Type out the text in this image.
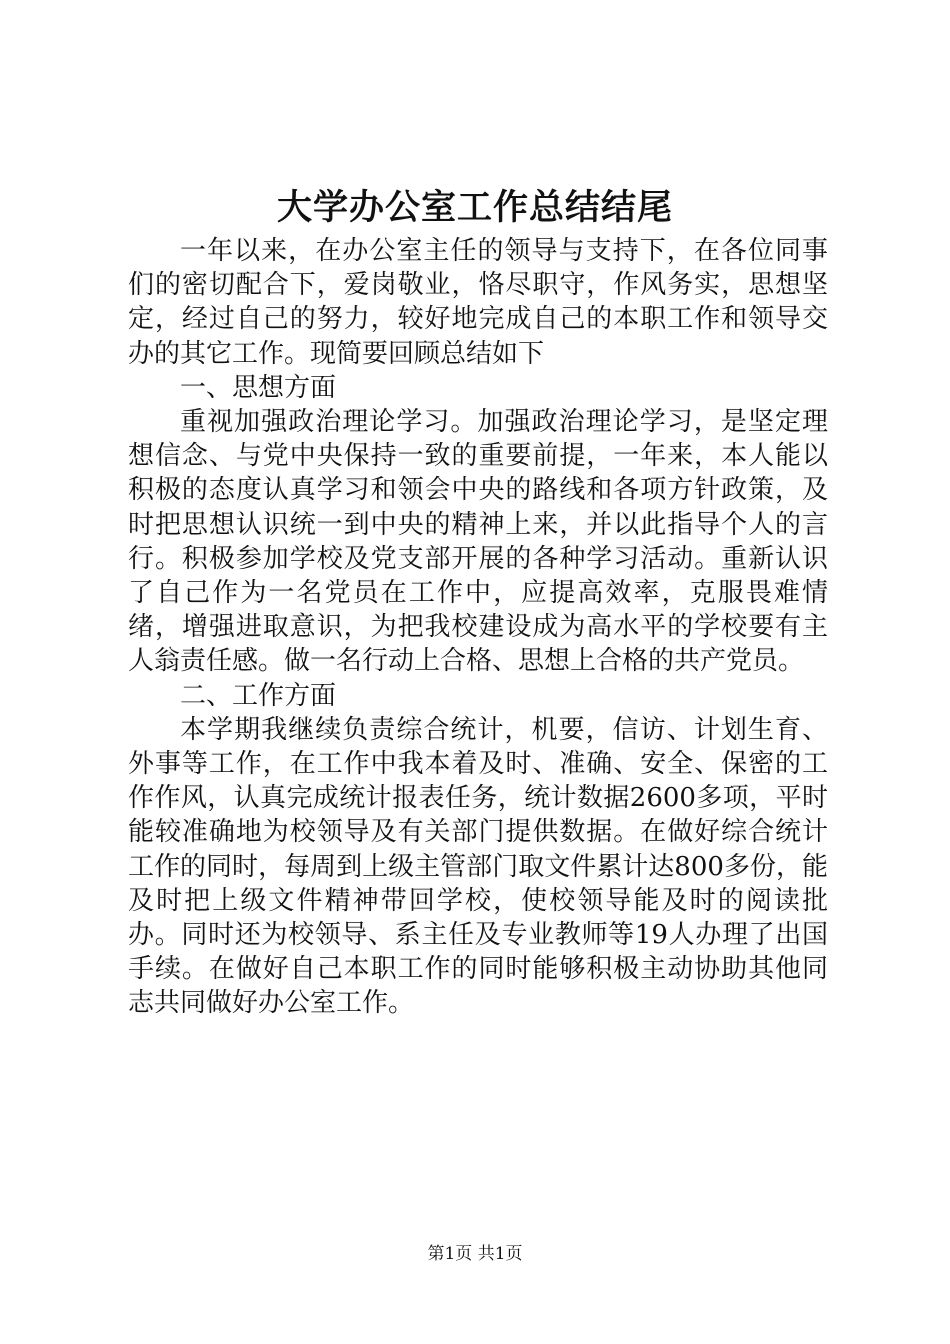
大学办公室工作总结结尾

一年以来，在办公室主任的领导与支持下，在各位同事们的密切配合下，爱岗敬业，恪尽职守，作风务实，思想坚定，经过自己的努力，较好地完成自己的本职工作和领导交办的其它工作。现简要回顾总结如下

一、思想方面

重视加强政治理论学习。加强政治理论学习，是坚定理想信念、与党中央保持一致的重要前提，一年来，本人能以积极的态度认真学习和领会中央的路线和各项方针政策，及时把思想认识统一到中央的精神上来，并以此指导个人的言行。积极参加学校及党支部开展的各种学习活动。重新认识了自己作为一名党员在工作中，应提高效率，克服畏难情绪，增强进取意识，为把我校建设成为高水平的学校要有主人翁责任感。做一名行动上合格、思想上合格的共产党员。

二、工作方面

本学期我继续负责综合统计，机要，信访、计划生育、外事等工作，在工作中我本着及时、准确、安全、保密的工作作风，认真完成统计报表任务，统计数据2600多项，平时能较准确地为校领导及有关部门提供数据。在做好综合统计工作的同时，每周到上级主管部门取文件累计达800多份，能及时把上级文件精神带回学校，使校领导能及时的阅读批办。同时还为校领导、系主任及专业教师等19人办理了出国手续。在做好自己本职工作的同时能够积极主动协助其他同志共同做好办公室工作。

第1页 共1页
